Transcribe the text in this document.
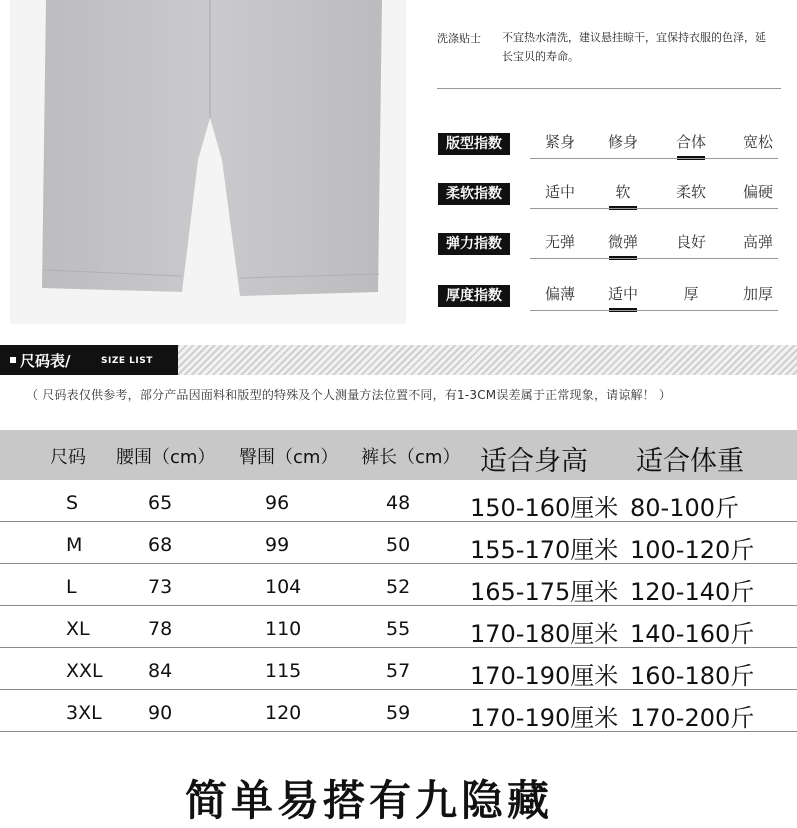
洗涤贴士 不宜热水清洗，建议悬挂晾干，宜保持衣服的色泽，延长宝贝的寿命。
版型指数	紧身	修身	合体	宽松
柔软指数	适中	软	柔软	偏硬
弹力指数	无弹	微弹	良好	高弹
厚度指数	偏薄	适中	厚	加厚
尺码表/	SIZE LIST
（ 尺码表仅供参考，部分产品因面料和版型的特殊及个人测量方法位置不同，有1-3CM误差属于正常现象，请谅解！ ）
尺码 腰围（cm） 臀围（cm） 裤长（cm） 适合身高 适合体重
S	65	96	48 150-160厘米 80-100斤
M	68	99	50 155-170厘米 100-120斤
L	73	104	52 165-175厘米 120-140斤
XL	78	110	55 170-180厘米 140-160斤
XXL 84	115	57 170-190厘米 160-180斤
3XL 90	120	59 170-190厘米 170-200斤
简单易搭有九隐藏
